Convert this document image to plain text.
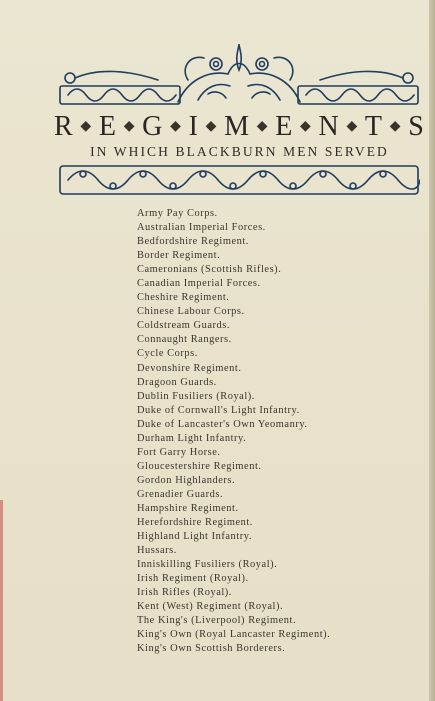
R ◆ E ◆ G ◆ I ◆ M ◆ E ◆ N ◆ T ◆ S
IN WHICH BLACKBURN MEN SERVED
Army Pay Corps.
Australian Imperial Forces.
Bedfordshire Regiment.
Border Regiment.
Cameronians (Scottish Rifles).
Canadian Imperial Forces.
Cheshire Regiment.
Chinese Labour Corps.
Coldstream Guards.
Connaught Rangers.
Cycle Corps.
Devonshire Regiment.
Dragoon Guards.
Dublin Fusiliers (Royal).
Duke of Cornwall's Light Infantry.
Duke of Lancaster's Own Yeomanry.
Durham Light Infantry.
Fort Garry Horse.
Gloucestershire Regiment.
Gordon Highlanders.
Grenadier Guards.
Hampshire Regiment.
Herefordshire Regiment.
Highland Light Infantry.
Hussars.
Inniskilling Fusiliers (Royal).
Irish Regiment (Royal).
Irish Rifles (Royal).
Kent (West) Regiment (Royal).
The King's (Liverpool) Regiment.
King's Own (Royal Lancaster Regiment).
King's Own Scottish Borderers.
